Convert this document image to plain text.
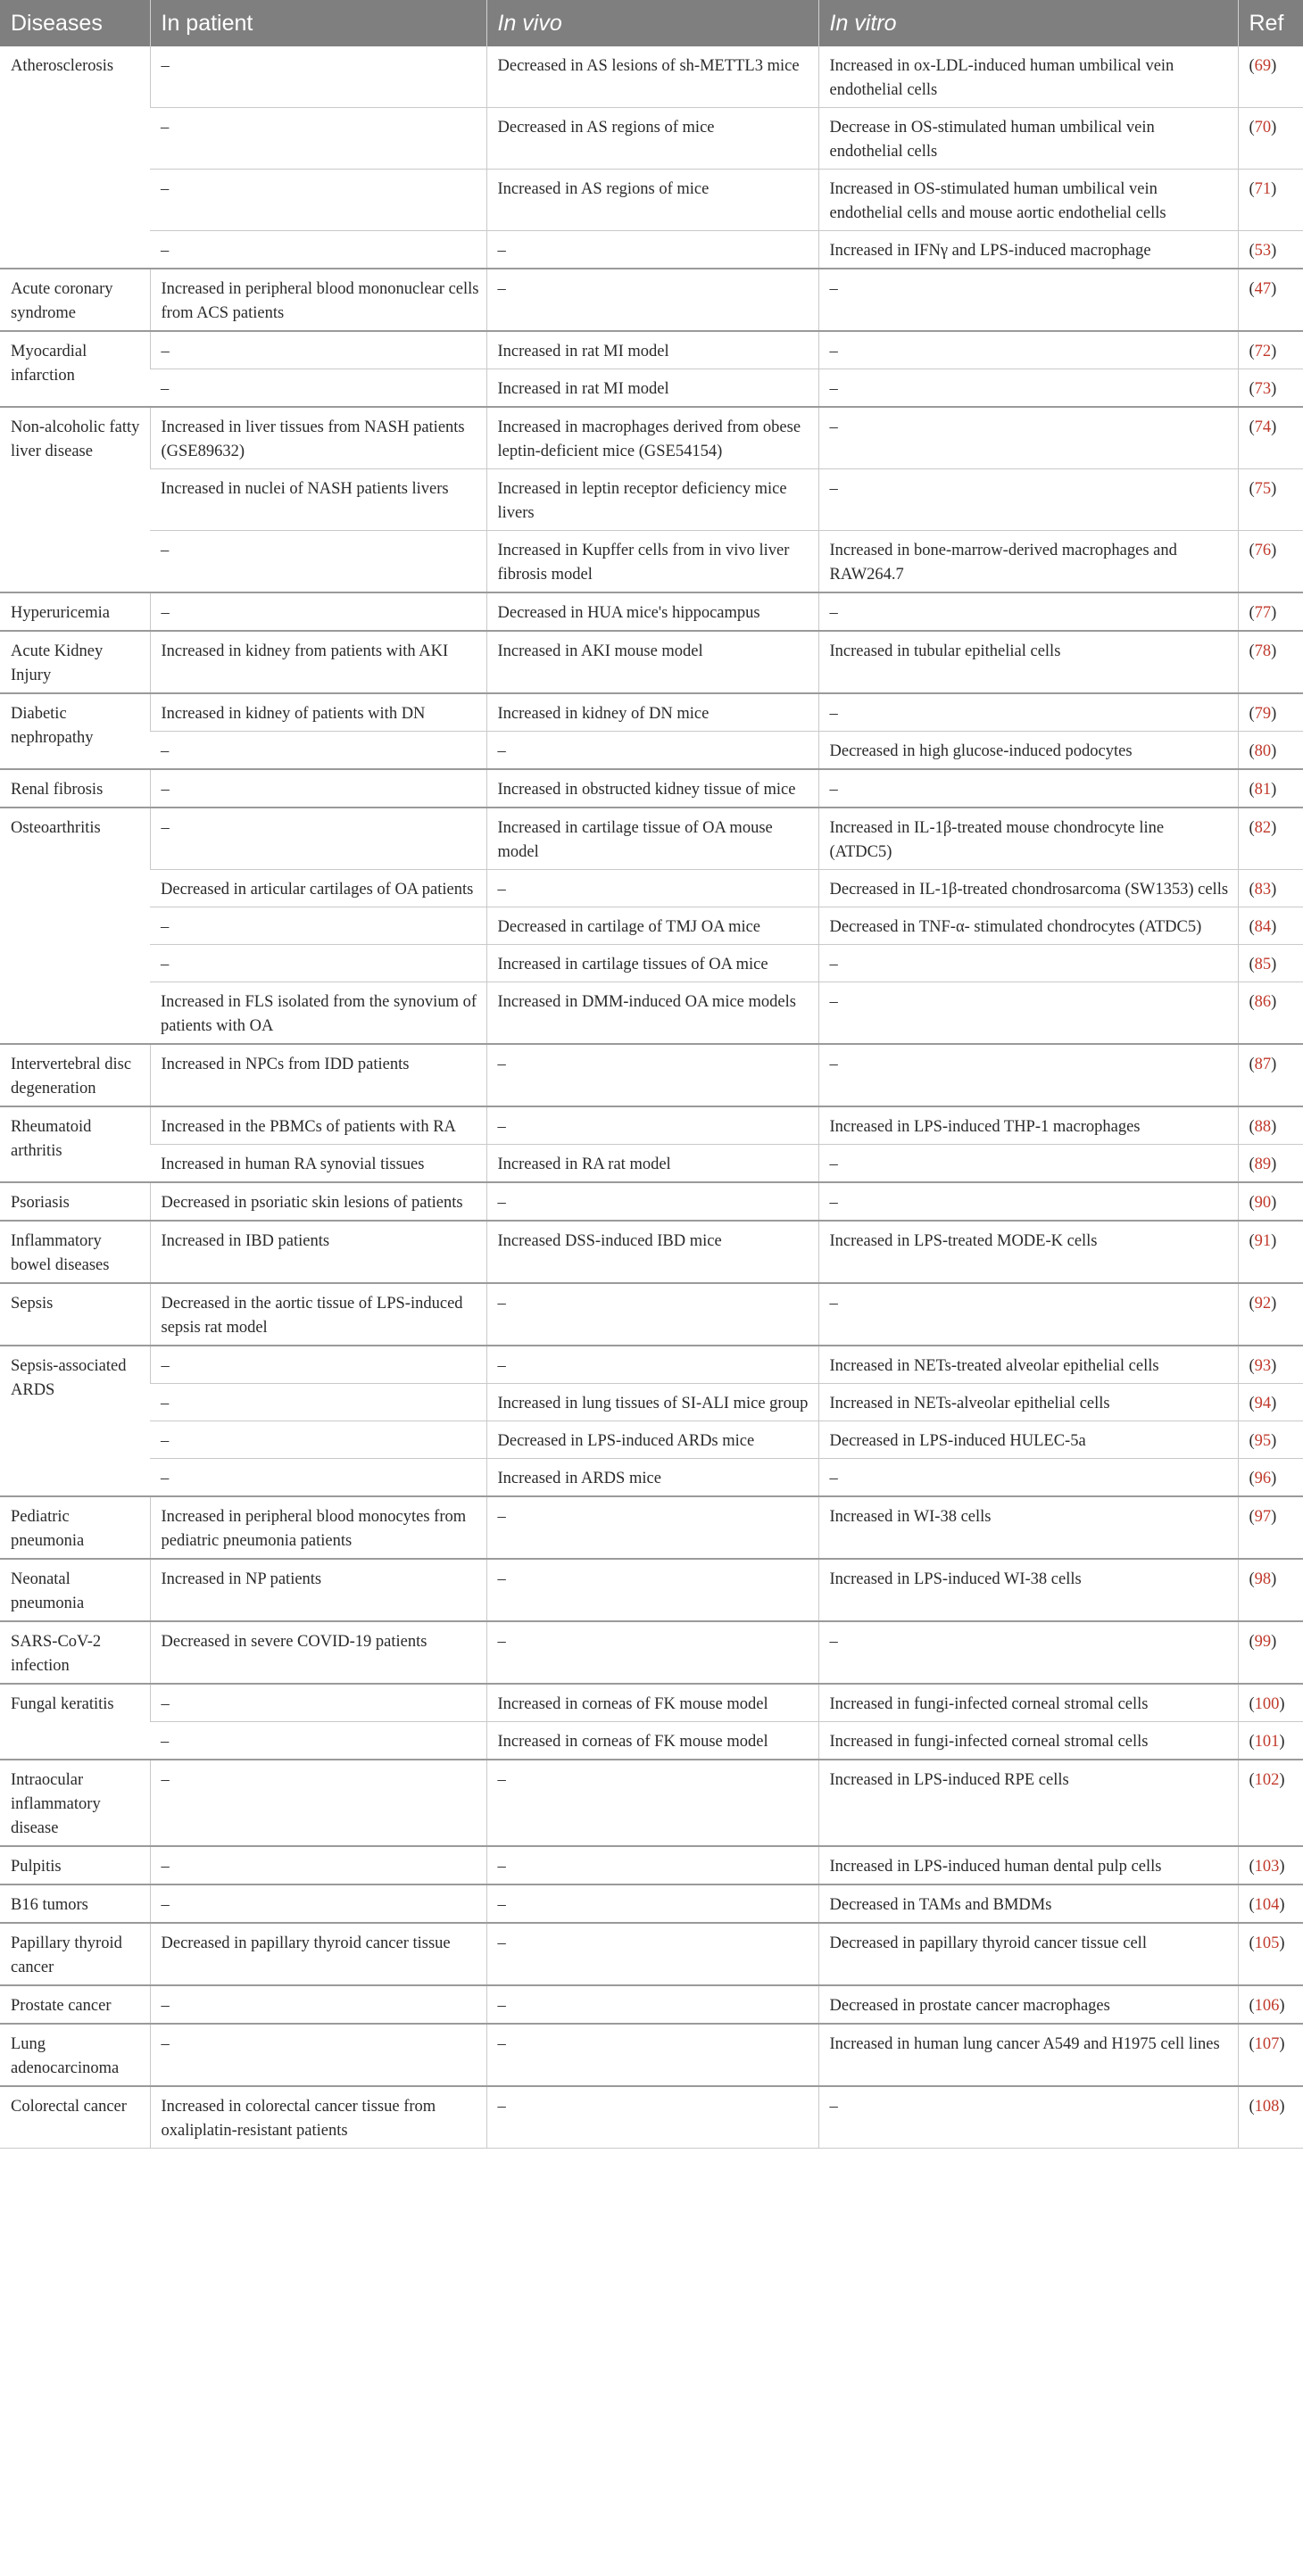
Diseases	In patient	In vivo	In vitro	Ref
Atherosclerosis	–	Decreased in AS lesions of sh-METTL3 mice	Increased in ox-LDL-induced human umbilical vein endothelial cells	(69)
	–	Decreased in AS regions of mice	Decrease in OS-stimulated human umbilical vein endothelial cells	(70)
	–	Increased in AS regions of mice	Increased in OS-stimulated human umbilical vein endothelial cells and mouse aortic endothelial cells	(71)
	–	–	Increased in IFNγ and LPS-induced macrophage	(53)
Acute coronary syndrome	Increased in peripheral blood mononuclear cells from ACS patients	–	–	(47)
Myocardial infarction	–	Increased in rat MI model	–	(72)
	–	Increased in rat MI model	–	(73)
Non-alcoholic fatty liver disease	Increased in liver tissues from NASH patients (GSE89632)	Increased in macrophages derived from obese leptin-deficient mice (GSE54154)	–	(74)
	Increased in nuclei of NASH patients livers	Increased in leptin receptor deficiency mice livers	–	(75)
	–	Increased in Kupffer cells from in vivo liver fibrosis model	Increased in bone-marrow-derived macrophages and RAW264.7	(76)
Hyperuricemia	–	Decreased in HUA mice's hippocampus	–	(77)
Acute Kidney Injury	Increased in kidney from patients with AKI	Increased in AKI mouse model	Increased in tubular epithelial cells	(78)
Diabetic nephropathy	Increased in kidney of patients with DN	Increased in kidney of DN mice	–	(79)
	–	–	Decreased in high glucose-induced podocytes	(80)
Renal fibrosis	–	Increased in obstructed kidney tissue of mice	–	(81)
Osteoarthritis	–	Increased in cartilage tissue of OA mouse model	Increased in IL-1β-treated mouse chondrocyte line (ATDC5)	(82)
	Decreased in articular cartilages of OA patients	–	Decreased in IL-1β-treated chondrosarcoma (SW1353) cells	(83)
	–	Decreased in cartilage of TMJ OA mice	Decreased in TNF-α- stimulated chondrocytes (ATDC5)	(84)
	–	Increased in cartilage tissues of OA mice	–	(85)
	Increased in FLS isolated from the synovium of patients with OA	Increased in DMM-induced OA mice models	–	(86)
Intervertebral disc degeneration	Increased in NPCs from IDD patients	–	–	(87)
Rheumatoid arthritis	Increased in the PBMCs of patients with RA	–	Increased in LPS-induced THP-1 macrophages	(88)
	Increased in human RA synovial tissues	Increased in RA rat model	–	(89)
Psoriasis	Decreased in psoriatic skin lesions of patients	–	–	(90)
Inflammatory bowel diseases	Increased in IBD patients	Increased DSS-induced IBD mice	Increased in LPS-treated MODE-K cells	(91)
Sepsis	Decreased in the aortic tissue of LPS-induced sepsis rat model	–	–	(92)
Sepsis-associated ARDS	–	–	Increased in NETs-treated alveolar epithelial cells	(93)
	–	Increased in lung tissues of SI-ALI mice group	Increased in NETs-alveolar epithelial cells	(94)
	–	Decreased in LPS-induced ARDs mice	Decreased in LPS-induced HULEC-5a	(95)
	–	Increased in ARDS mice	–	(96)
Pediatric pneumonia	Increased in peripheral blood monocytes from pediatric pneumonia patients	–	Increased in WI-38 cells	(97)
Neonatal pneumonia	Increased in NP patients	–	Increased in LPS-induced WI-38 cells	(98)
SARS-CoV-2 infection	Decreased in severe COVID-19 patients	–	–	(99)
Fungal keratitis	–	Increased in corneas of FK mouse model	Increased in fungi-infected corneal stromal cells	(100)
	–	Increased in corneas of FK mouse model	Increased in fungi-infected corneal stromal cells	(101)
Intraocular inflammatory disease	–	–	Increased in LPS-induced RPE cells	(102)
Pulpitis	–	–	Increased in LPS-induced human dental pulp cells	(103)
B16 tumors	–	–	Decreased in TAMs and BMDMs	(104)
Papillary thyroid cancer	Decreased in papillary thyroid cancer tissue	–	Decreased in papillary thyroid cancer tissue cell	(105)
Prostate cancer	–	–	Decreased in prostate cancer macrophages	(106)
Lung adenocarcinoma	–	–	Increased in human lung cancer A549 and H1975 cell lines	(107)
Colorectal cancer	Increased in colorectal cancer tissue from oxaliplatin-resistant patients	–	–	(108)
